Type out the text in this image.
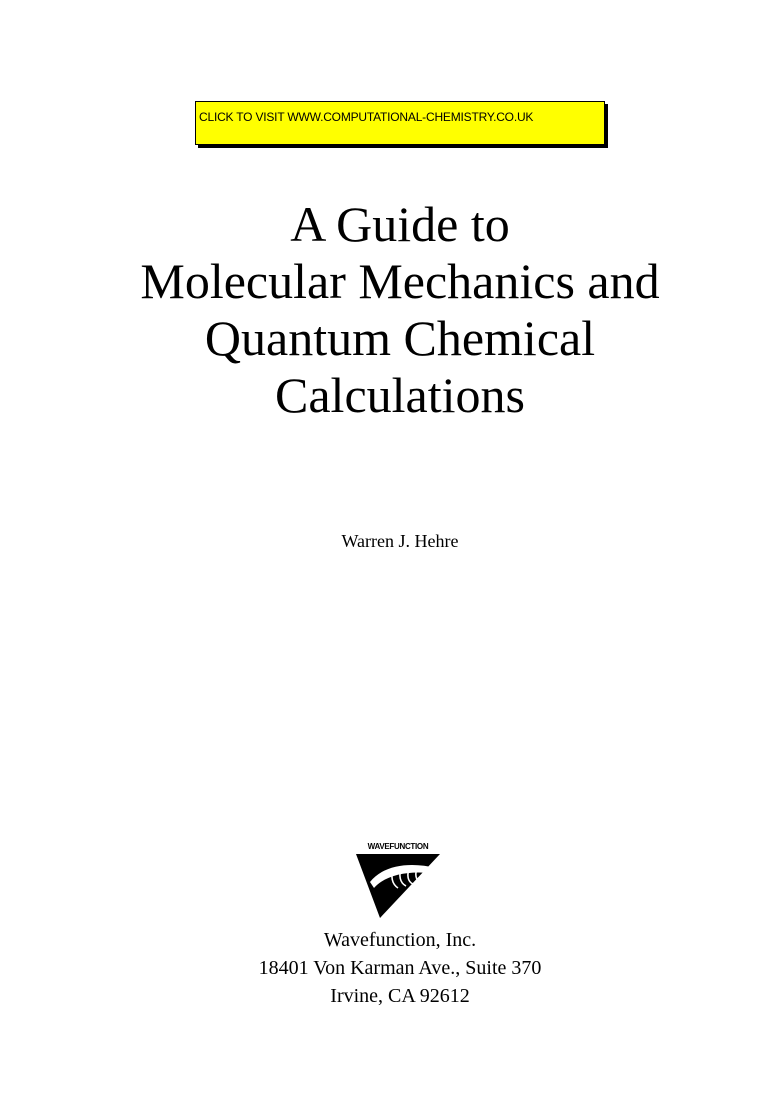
CLICK TO VISIT WWW.COMPUTATIONAL-CHEMISTRY.CO.UK
A Guide to
Molecular Mechanics and
Quantum Chemical
Calculations
Warren J. Hehre
WAVEFUNCTION
Wavefunction, Inc.
18401 Von Karman Ave., Suite 370
Irvine, CA 92612
